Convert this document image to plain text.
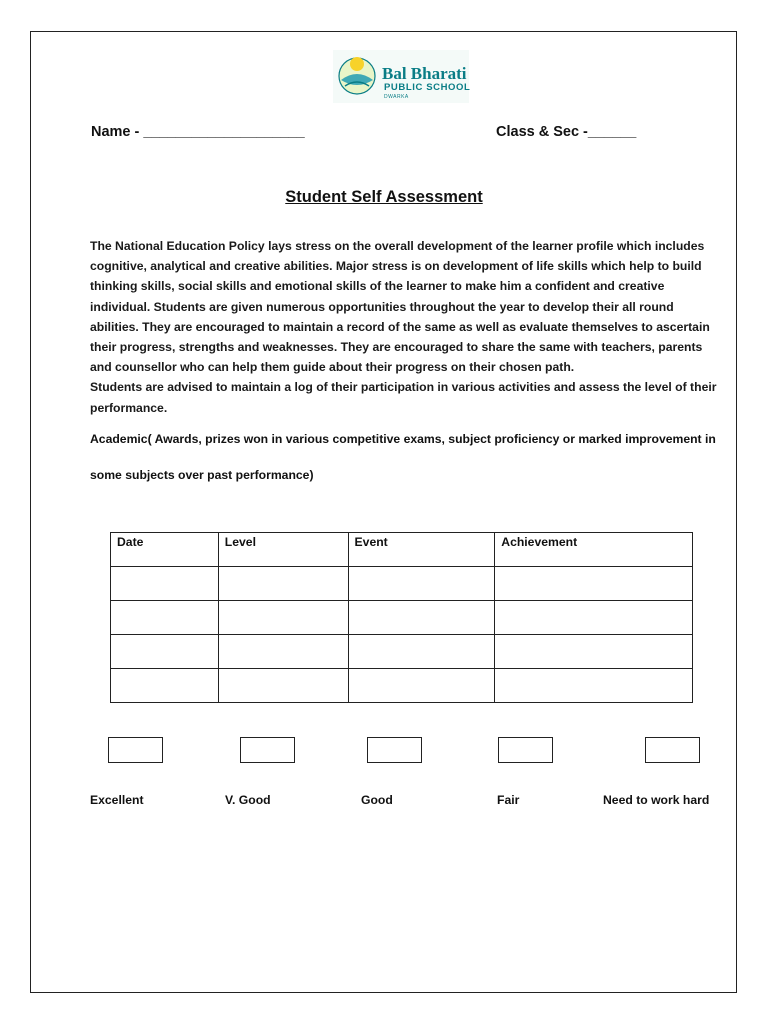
Bal Bharati
PUBLIC SCHOOL
DWARKA
Name - ____________________	Class & Sec -______
Student Self Assessment

The National Education Policy lays stress on the overall development of the learner profile which includes cognitive, analytical and creative abilities. Major stress is on development of life skills which help to build thinking skills, social skills and emotional skills of the learner to make him a confident and creative individual. Students are given numerous opportunities throughout the year to develop their all round abilities. They are encouraged to maintain a record of the same as well as evaluate themselves to ascertain their progress, strengths and weaknesses. They are encouraged to share the same with teachers, parents and counsellor who can help them guide about their progress on their chosen path.

Students are advised to maintain a log of their participation in various activities and assess the level of their performance.

Academic( Awards, prizes won in various competitive exams, subject proficiency or marked improvement in
some subjects over past performance)
Date	Level	Event	Achievement

Excellent	V. Good	Good	Fair	Need to work hard
